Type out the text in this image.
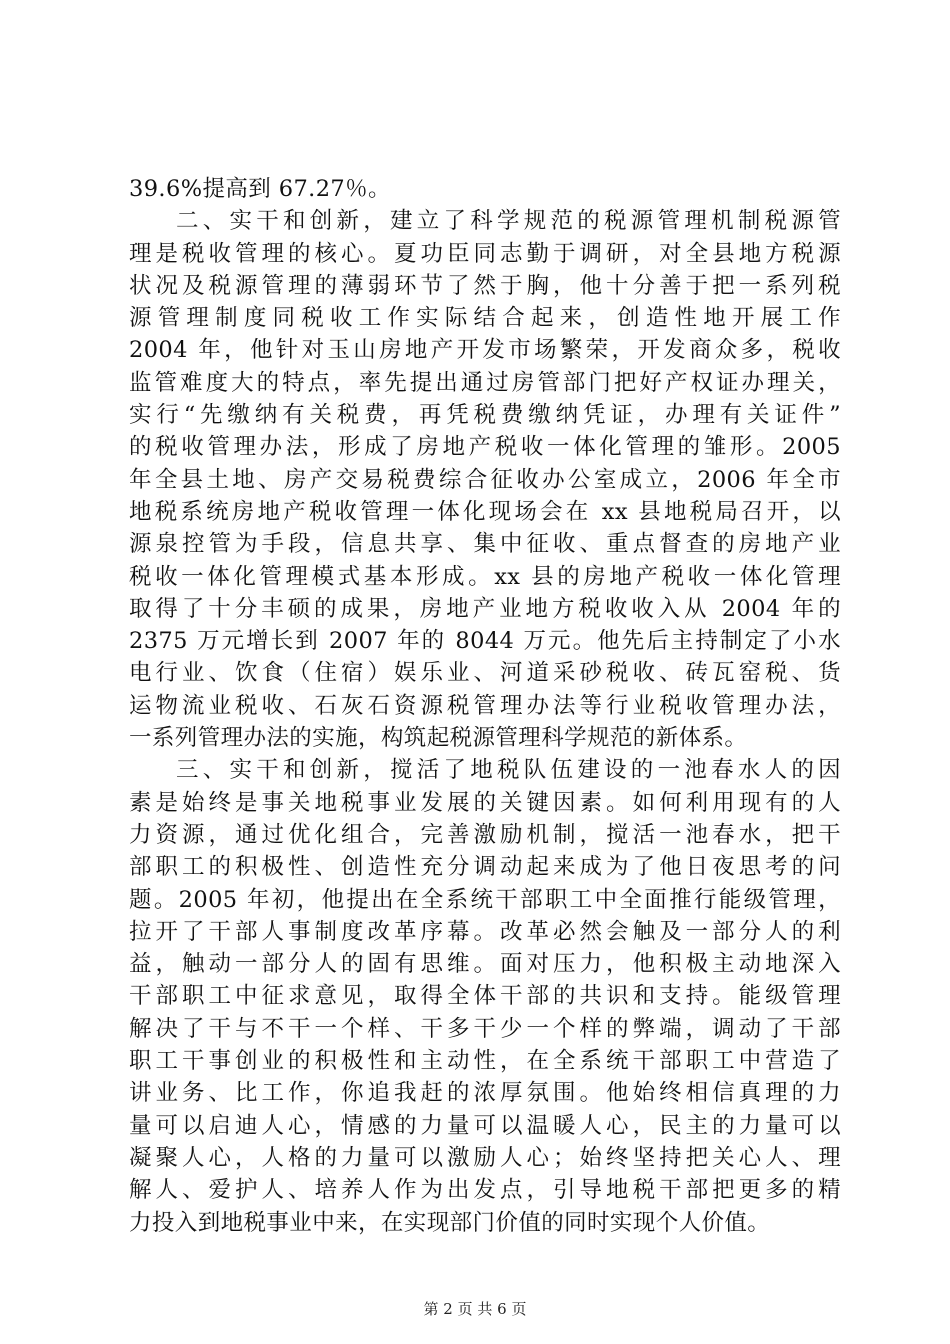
39.6%提高到 67.27％。
二、实干和创新，建立了科学规范的税源管理机制税源管
理是税收管理的核心。夏功臣同志勤于调研，对全县地方税源
状况及税源管理的薄弱环节了然于胸，他十分善于把一系列税
源管理制度同税收工作实际结合起来，创造性地开展工作
2004 年，他针对玉山房地产开发市场繁荣，开发商众多，税收
监管难度大的特点，率先提出通过房管部门把好产权证办理关，
实行“先缴纳有关税费，再凭税费缴纳凭证，办理有关证件”
的税收管理办法，形成了房地产税收一体化管理的雏形。2005
年全县土地、房产交易税费综合征收办公室成立，2006 年全市
地税系统房地产税收管理一体化现场会在 xx 县地税局召开，以
源泉控管为手段，信息共享、集中征收、重点督查的房地产业
税收一体化管理模式基本形成。xx 县的房地产税收一体化管理
取得了十分丰硕的成果，房地产业地方税收收入从 2004 年的
2375 万元增长到 2007 年的 8044 万元。他先后主持制定了小水
电行业、饮食（住宿）娱乐业、河道采砂税收、砖瓦窑税、货
运物流业税收、石灰石资源税管理办法等行业税收管理办法，
一系列管理办法的实施，构筑起税源管理科学规范的新体系。
三、实干和创新，搅活了地税队伍建设的一池春水人的因
素是始终是事关地税事业发展的关键因素。如何利用现有的人
力资源，通过优化组合，完善激励机制，搅活一池春水，把干
部职工的积极性、创造性充分调动起来成为了他日夜思考的问
题。2005 年初，他提出在全系统干部职工中全面推行能级管理，
拉开了干部人事制度改革序幕。改革必然会触及一部分人的利
益，触动一部分人的固有思维。面对压力，他积极主动地深入
干部职工中征求意见，取得全体干部的共识和支持。能级管理
解决了干与不干一个样、干多干少一个样的弊端，调动了干部
职工干事创业的积极性和主动性，在全系统干部职工中营造了
讲业务、比工作，你追我赶的浓厚氛围。他始终相信真理的力
量可以启迪人心，情感的力量可以温暖人心，民主的力量可以
凝聚人心，人格的力量可以激励人心；始终坚持把关心人、理
解人、爱护人、培养人作为出发点，引导地税干部把更多的精
力投入到地税事业中来，在实现部门价值的同时实现个人价值。
第 2 页 共 6 页
